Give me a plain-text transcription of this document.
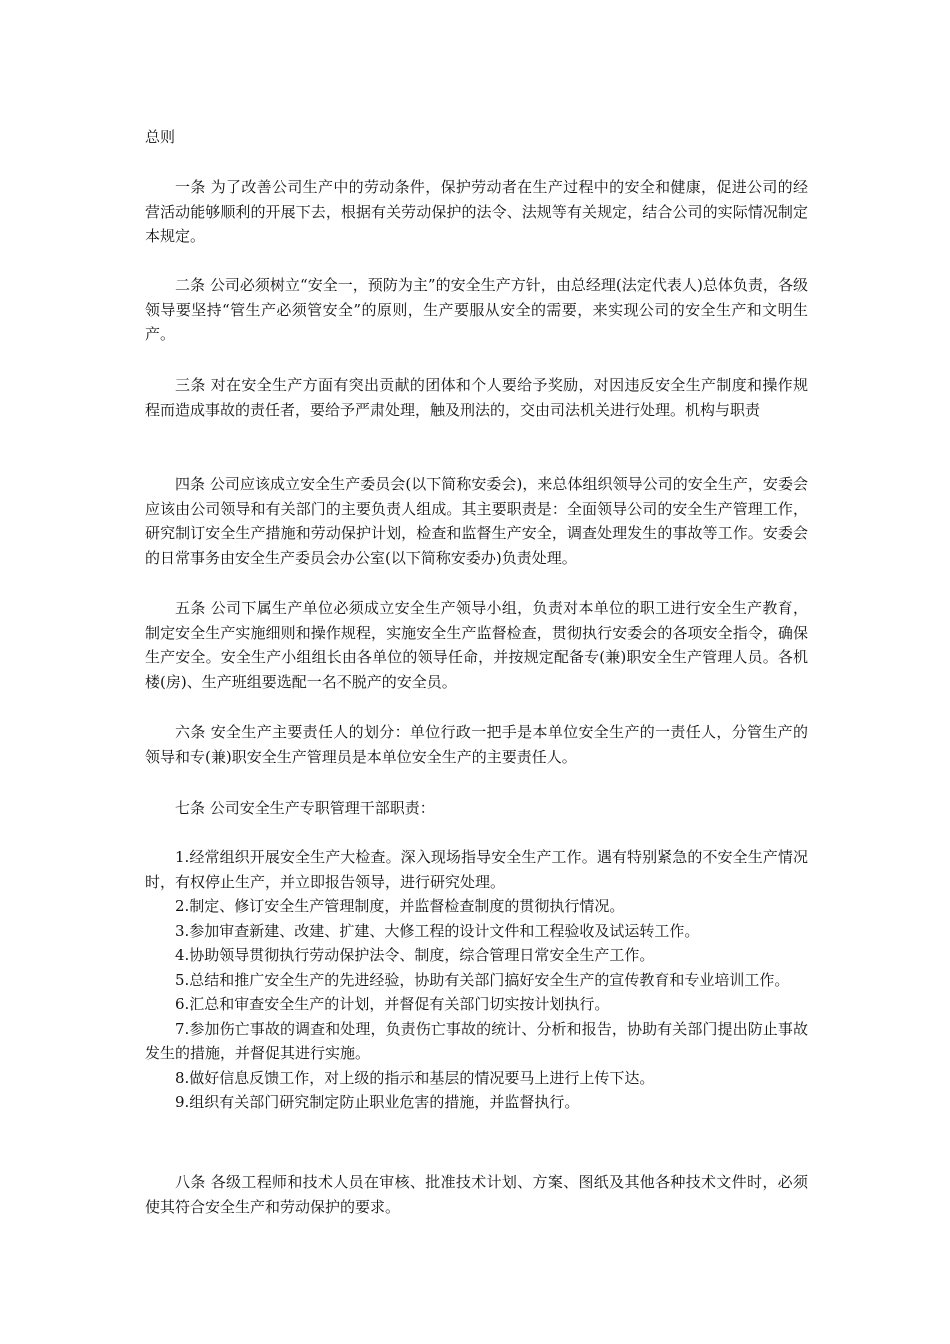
总则

一条 为了改善公司生产中的劳动条件，保护劳动者在生产过程中的安全和健康，促进公司的经营活动能够顺利的开展下去，根据有关劳动保护的法令、法规等有关规定，结合公司的实际情况制定本规定。

二条 公司必须树立“安全一，预防为主”的安全生产方针，由总经理(法定代表人)总体负责，各级领导要坚持“管生产必须管安全”的原则，生产要服从安全的需要，来实现公司的安全生产和文明生产。

三条 对在安全生产方面有突出贡献的团体和个人要给予奖励，对因违反安全生产制度和操作规程而造成事故的责任者，要给予严肃处理，触及刑法的，交由司法机关进行处理。机构与职责

四条 公司应该成立安全生产委员会(以下简称安委会)，来总体组织领导公司的安全生产，安委会应该由公司领导和有关部门的主要负责人组成。其主要职责是：全面领导公司的安全生产管理工作，研究制订安全生产措施和劳动保护计划，检查和监督生产安全，调查处理发生的事故等工作。安委会的日常事务由安全生产委员会办公室(以下简称安委办)负责处理。

五条 公司下属生产单位必须成立安全生产领导小组，负责对本单位的职工进行安全生产教育，制定安全生产实施细则和操作规程，实施安全生产监督检查，贯彻执行安委会的各项安全指令，确保生产安全。安全生产小组组长由各单位的领导任命，并按规定配备专(兼)职安全生产管理人员。各机楼(房)、生产班组要选配一名不脱产的安全员。

六条 安全生产主要责任人的划分：单位行政一把手是本单位安全生产的一责任人，分管生产的领导和专(兼)职安全生产管理员是本单位安全生产的主要责任人。

七条 公司安全生产专职管理干部职责：

1.经常组织开展安全生产大检查。深入现场指导安全生产工作。遇有特别紧急的不安全生产情况时，有权停止生产，并立即报告领导，进行研究处理。
2.制定、修订安全生产管理制度，并监督检查制度的贯彻执行情况。
3.参加审查新建、改建、扩建、大修工程的设计文件和工程验收及试运转工作。
4.协助领导贯彻执行劳动保护法令、制度，综合管理日常安全生产工作。
5.总结和推广安全生产的先进经验，协助有关部门搞好安全生产的宣传教育和专业培训工作。
6.汇总和审查安全生产的计划，并督促有关部门切实按计划执行。
7.参加伤亡事故的调查和处理，负责伤亡事故的统计、分析和报告，协助有关部门提出防止事故发生的措施，并督促其进行实施。
8.做好信息反馈工作，对上级的指示和基层的情况要马上进行上传下达。
9.组织有关部门研究制定防止职业危害的措施，并监督执行。

八条 各级工程师和技术人员在审核、批准技术计划、方案、图纸及其他各种技术文件时，必须使其符合安全生产和劳动保护的要求。
